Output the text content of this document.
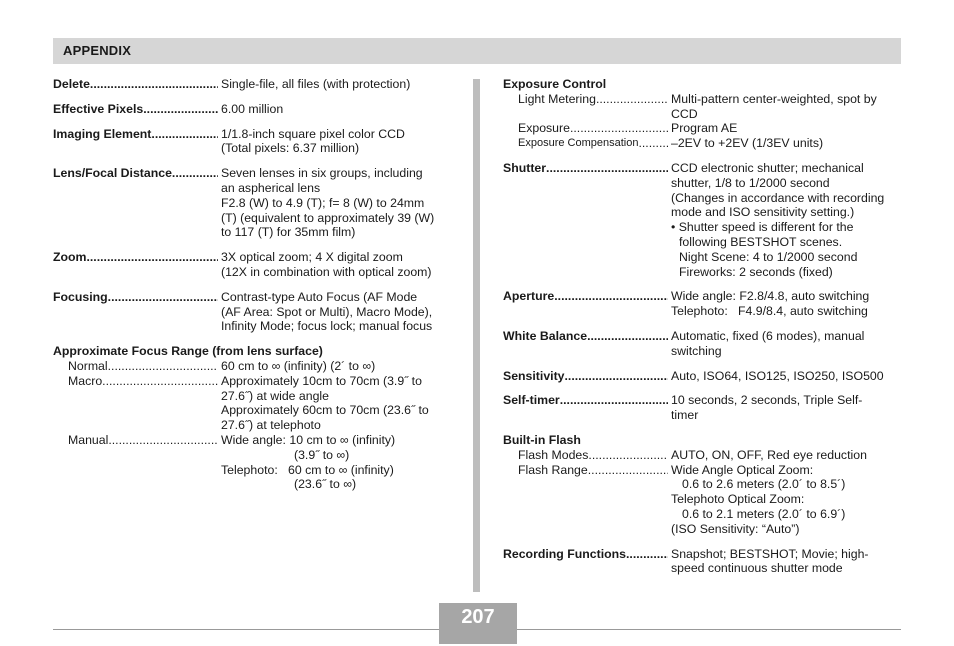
APPENDIX
Delete .....	Single-file, all files (with protection)
Effective Pixels .....	6.00 million
Imaging Element .....	1/1.8-inch square pixel color CCD
(Total pixels: 6.37 million)
Lens/Focal Distance .....	Seven lenses in six groups, including
an aspherical lens
F2.8 (W) to 4.9 (T); f= 8 (W) to 24mm
(T) (equivalent to approximately 39 (W)
to 117 (T) for 35mm film)
Zoom .....	3X optical zoom; 4 X digital zoom
(12X in combination with optical zoom)
Focusing .....	Contrast-type Auto Focus (AF Mode
(AF Area: Spot or Multi), Macro Mode),
Infinity Mode; focus lock; manual focus
Approximate Focus Range (from lens surface)
Normal .....	60 cm to ∞ (infinity) (2´ to ∞)
Macro .....	Approximately 10cm to 70cm (3.9˝ to
27.6˝) at wide angle
Approximately 60cm to 70cm (23.6˝ to
27.6˝) at telephoto
Manual .....	Wide angle: 10 cm to ∞ (infinity)
(3.9˝ to ∞)
Telephoto:   60 cm to ∞ (infinity)
(23.6˝ to ∞)
Exposure Control
Light Metering .....	Multi-pattern center-weighted, spot by
CCD
Exposure .....	Program AE
Exposure Compensation .....	–2EV to +2EV (1/3EV units)
Shutter .....	CCD electronic shutter; mechanical
shutter, 1/8 to 1/2000 second
(Changes in accordance with recording
mode and ISO sensitivity setting.)
• Shutter speed is different for the
following BESTSHOT scenes.
Night Scene: 4 to 1/2000 second
Fireworks: 2 seconds (fixed)
Aperture .....	Wide angle: F2.8/4.8, auto switching
Telephoto:   F4.9/8.4, auto switching
White Balance .....	Automatic, fixed (6 modes), manual
switching
Sensitivity .....	Auto, ISO64, ISO125, ISO250, ISO500
Self-timer .....	10 seconds, 2 seconds, Triple Self-
timer
Built-in Flash
Flash Modes .....	AUTO, ON, OFF, Red eye reduction
Flash Range .....	Wide Angle Optical Zoom:
0.6 to 2.6 meters (2.0´ to 8.5´)
Telephoto Optical Zoom:
0.6 to 2.1 meters (2.0´ to 6.9´)
(ISO Sensitivity: “Auto”)
Recording Functions .....	Snapshot; BESTSHOT; Movie; high-
speed continuous shutter mode
207
